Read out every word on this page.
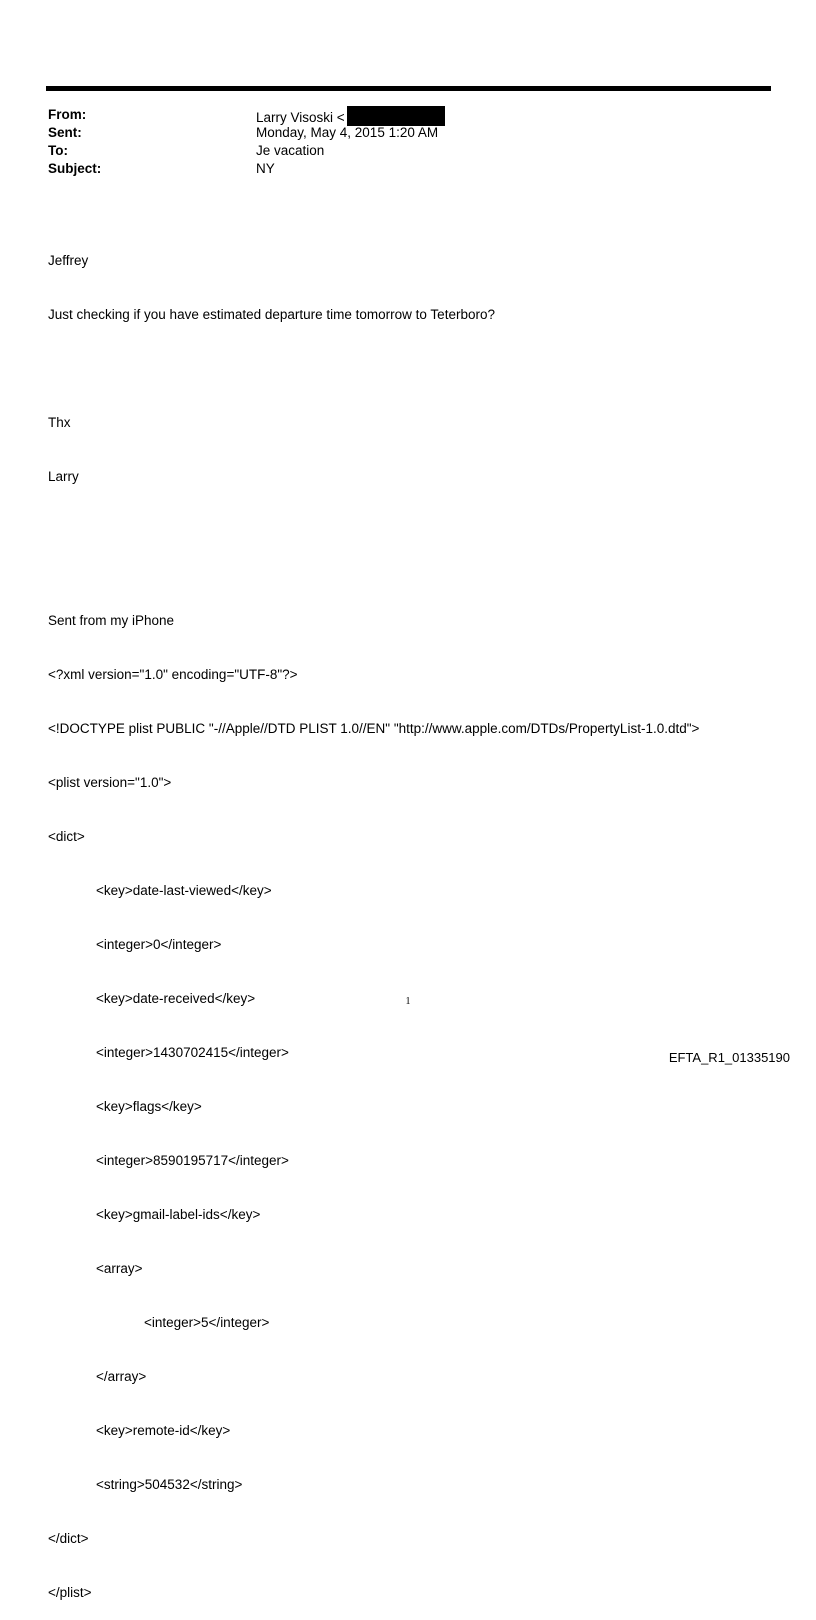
From:	Larry Visoski <
Sent:	Monday, May 4, 2015 1:20 AM
To:	Je vacation
Subject:	NY

Jeffrey

Just checking if you have estimated departure time tomorrow to Teterboro?

Thx

Larry

Sent from my iPhone

<?xml version="1.0" encoding="UTF-8"?>

<!DOCTYPE plist PUBLIC "-//Apple//DTD PLIST 1.0//EN" "http://www.apple.com/DTDs/PropertyList-1.0.dtd">

<plist version="1.0">

<dict>

<key>date-last-viewed</key>

<integer>0</integer>

<key>date-received</key>

<integer>1430702415</integer>

<key>flags</key>

<integer>8590195717</integer>

<key>gmail-label-ids</key>

<array>

<integer>5</integer>

</array>

<key>remote-id</key>

<string>504532</string>

</dict>

</plist>

1
EFTA_R1_01335190
